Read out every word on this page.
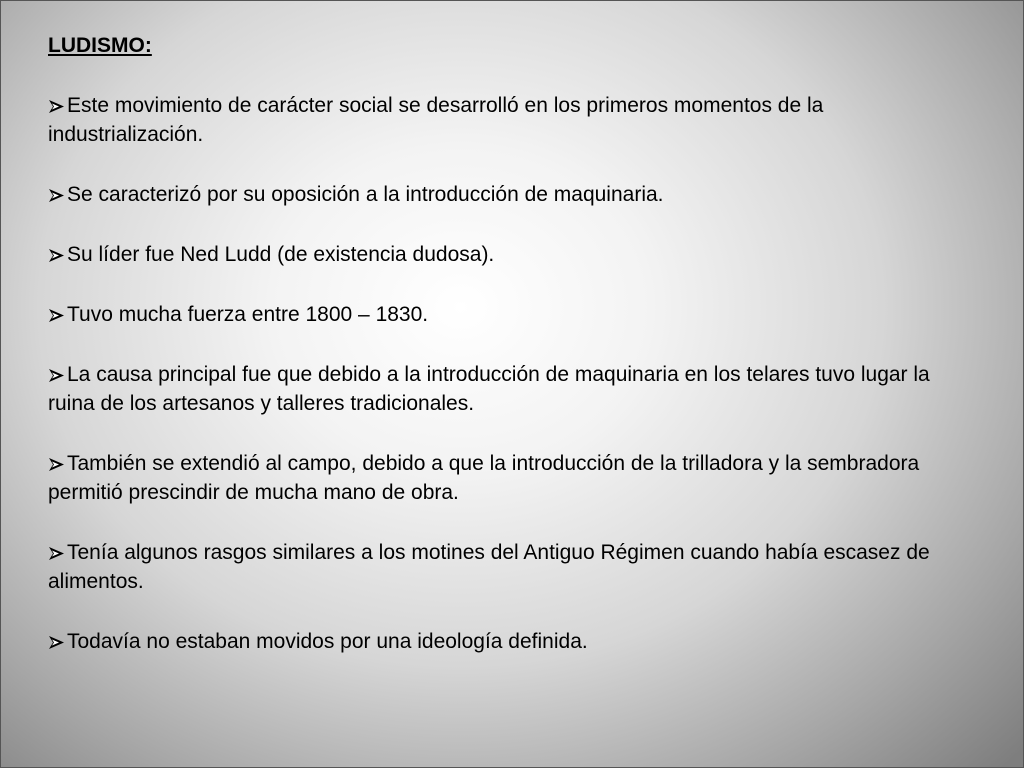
LUDISMO:
Este movimiento de carácter social se desarrolló en los primeros momentos de la industrialización.
Se caracterizó por su oposición a la introducción de maquinaria.
Su líder fue Ned Ludd (de existencia dudosa).
Tuvo mucha fuerza entre 1800 – 1830.
La causa principal fue que debido a la introducción de maquinaria en los telares tuvo lugar la ruina de los artesanos y talleres tradicionales.
También se extendió al campo, debido a que la introducción de la trilladora y la sembradora permitió prescindir de mucha mano de obra.
Tenía algunos rasgos similares a los motines del Antiguo Régimen cuando había escasez de alimentos.
Todavía no estaban movidos por una ideología definida.
